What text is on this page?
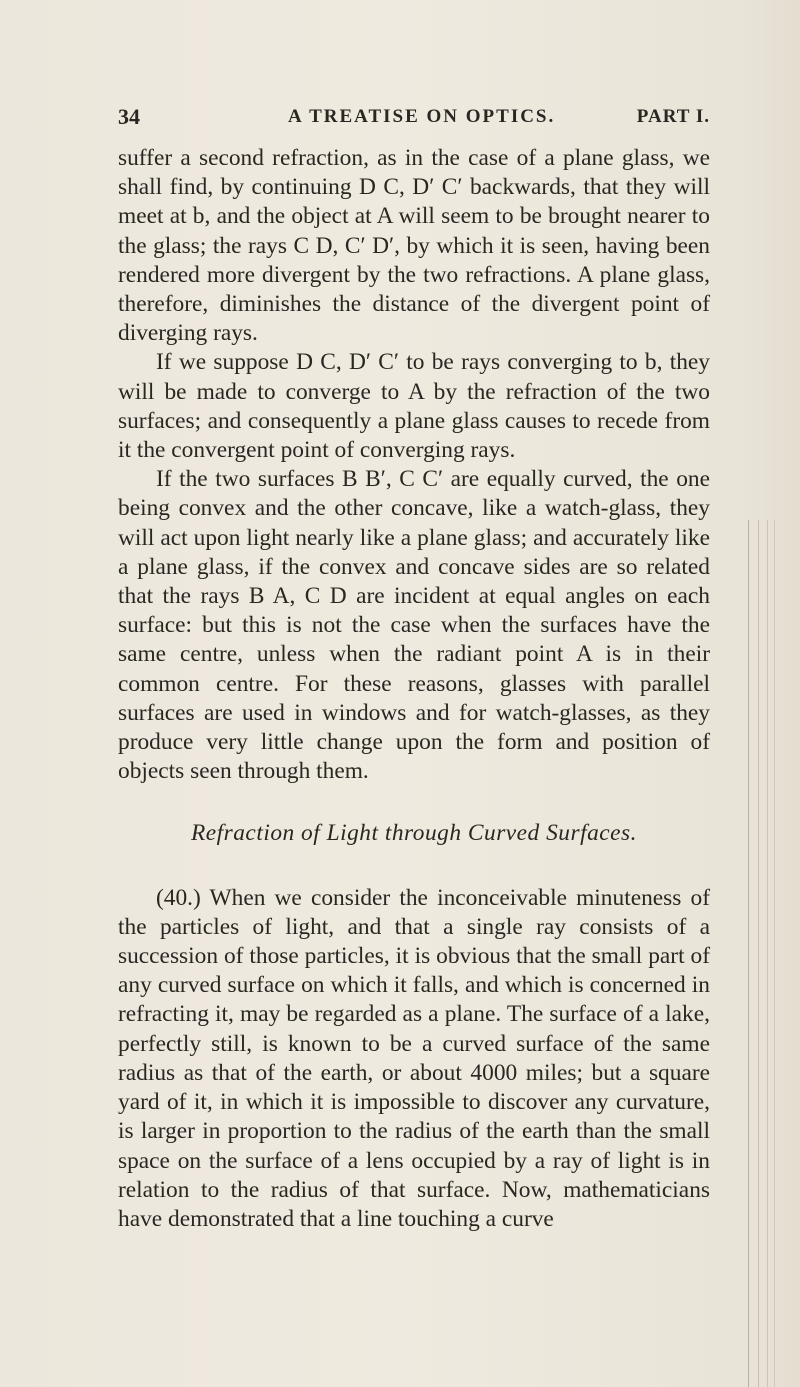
34	A TREATISE ON OPTICS.	PART I.

suffer a second refraction, as in the case of a plane glass, we shall find, by continuing D C, D′ C′ backwards, that they will meet at b, and the object at A will seem to be brought nearer to the glass; the rays C D, C′ D′, by which it is seen, having been rendered more divergent by the two refractions. A plane glass, therefore, diminishes the distance of the divergent point of diverging rays.

If we suppose D C, D′ C′ to be rays converging to b, they will be made to converge to A by the refraction of the two surfaces; and consequently a plane glass causes to recede from it the convergent point of converging rays.

If the two surfaces B B′, C C′ are equally curved, the one being convex and the other concave, like a watch-glass, they will act upon light nearly like a plane glass; and accurately like a plane glass, if the convex and concave sides are so related that the rays B A, C D are incident at equal angles on each surface: but this is not the case when the surfaces have the same centre, unless when the radiant point A is in their common centre. For these reasons, glasses with parallel surfaces are used in windows and for watch-glasses, as they produce very little change upon the form and position of objects seen through them.

Refraction of Light through Curved Surfaces.

(40.) When we consider the inconceivable minuteness of the particles of light, and that a single ray consists of a succession of those particles, it is obvious that the small part of any curved surface on which it falls, and which is concerned in refracting it, may be regarded as a plane. The surface of a lake, perfectly still, is known to be a curved surface of the same radius as that of the earth, or about 4000 miles; but a square yard of it, in which it is impossible to discover any curvature, is larger in proportion to the radius of the earth than the small space on the surface of a lens occupied by a ray of light is in relation to the radius of that surface. Now, mathematicians have demonstrated that a line touching a curve
